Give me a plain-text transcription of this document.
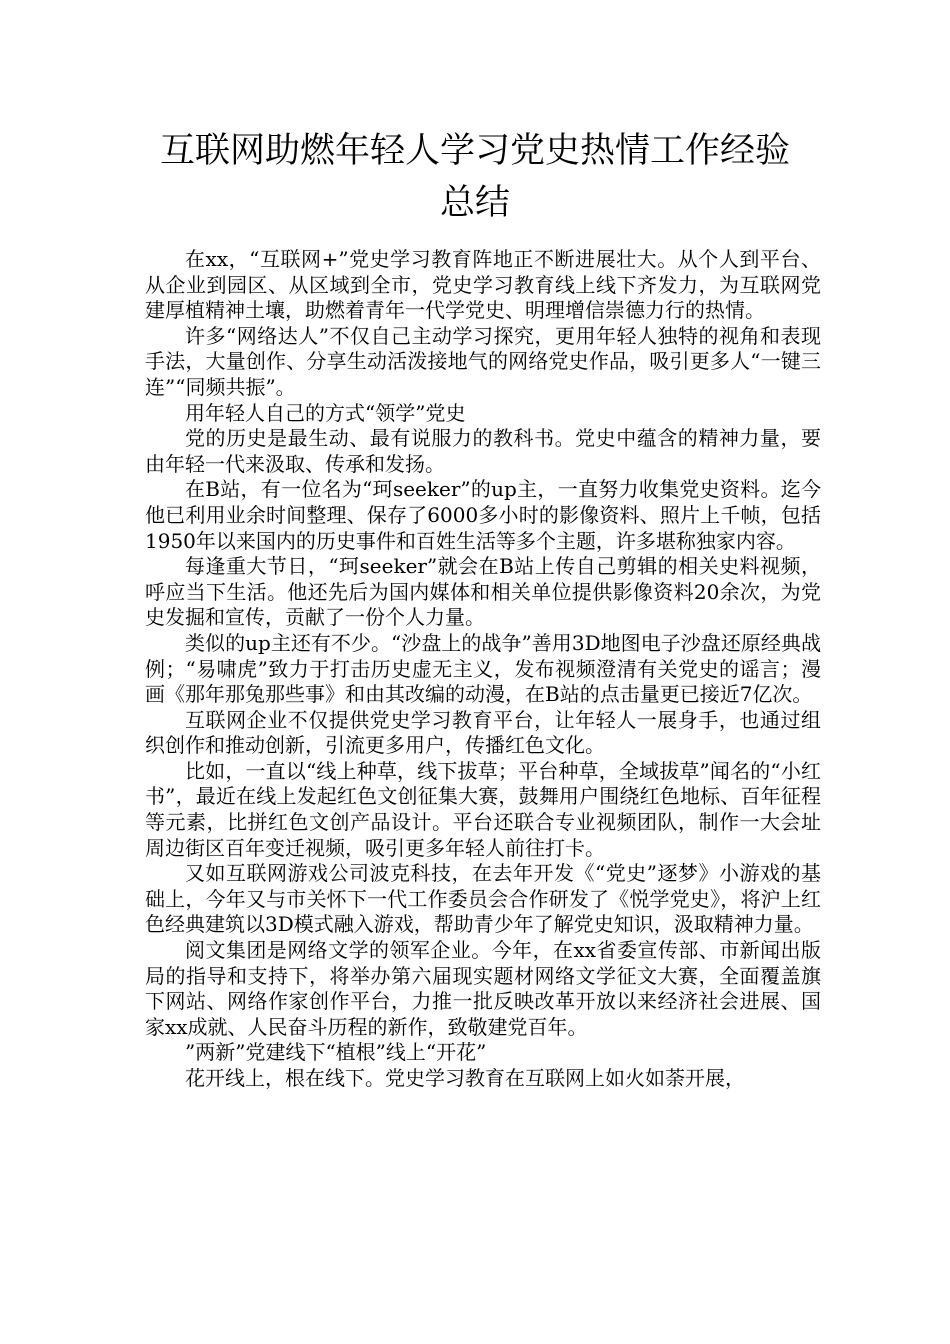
互联网助燃年轻人学习党史热情工作经验总结

在xx，“互联网+”党史学习教育阵地正不断进展壮大。从个人到平台、从企业到园区、从区域到全市，党史学习教育线上线下齐发力，为互联网党建厚植精神土壤，助燃着青年一代学党史、明理增信崇德力行的热情。

许多“网络达人”不仅自己主动学习探究，更用年轻人独特的视角和表现手法，大量创作、分享生动活泼接地气的网络党史作品，吸引更多人“一键三连”“同频共振”。

用年轻人自己的方式“领学”党史

党的历史是最生动、最有说服力的教科书。党史中蕴含的精神力量，要由年轻一代来汲取、传承和发扬。

在B站，有一位名为“珂seeker”的up主，一直努力收集党史资料。迄今他已利用业余时间整理、保存了6000多小时的影像资料、照片上千帧，包括1950年以来国内的历史事件和百姓生活等多个主题，许多堪称独家内容。

每逢重大节日，“珂seeker”就会在B站上传自己剪辑的相关史料视频，呼应当下生活。他还先后为国内媒体和相关单位提供影像资料20余次，为党史发掘和宣传，贡献了一份个人力量。

类似的up主还有不少。“沙盘上的战争”善用3D地图电子沙盘还原经典战例；“易啸虎”致力于打击历史虚无主义，发布视频澄清有关党史的谣言；漫画《那年那兔那些事》和由其改编的动漫，在B站的点击量更已接近7亿次。

互联网企业不仅提供党史学习教育平台，让年轻人一展身手，也通过组织创作和推动创新，引流更多用户，传播红色文化。

比如，一直以“线上种草，线下拔草；平台种草，全域拔草”闻名的“小红书”，最近在线上发起红色文创征集大赛，鼓舞用户围绕红色地标、百年征程等元素，比拼红色文创产品设计。平台还联合专业视频团队，制作一大会址周边街区百年变迁视频，吸引更多年轻人前往打卡。

又如互联网游戏公司波克科技，在去年开发《“党史”逐梦》小游戏的基础上，今年又与市关怀下一代工作委员会合作研发了《悦学党史》，将沪上红色经典建筑以3D模式融入游戏，帮助青少年了解党史知识，汲取精神力量。

阅文集团是网络文学的领军企业。今年，在xx省委宣传部、市新闻出版局的指导和支持下，将举办第六届现实题材网络文学征文大赛，全面覆盖旗下网站、网络作家创作平台，力推一批反映改革开放以来经济社会进展、国家xx成就、人民奋斗历程的新作，致敬建党百年。

”两新”党建线下“植根”线上“开花”

花开线上，根在线下。党史学习教育在互联网上如火如荼开展，
